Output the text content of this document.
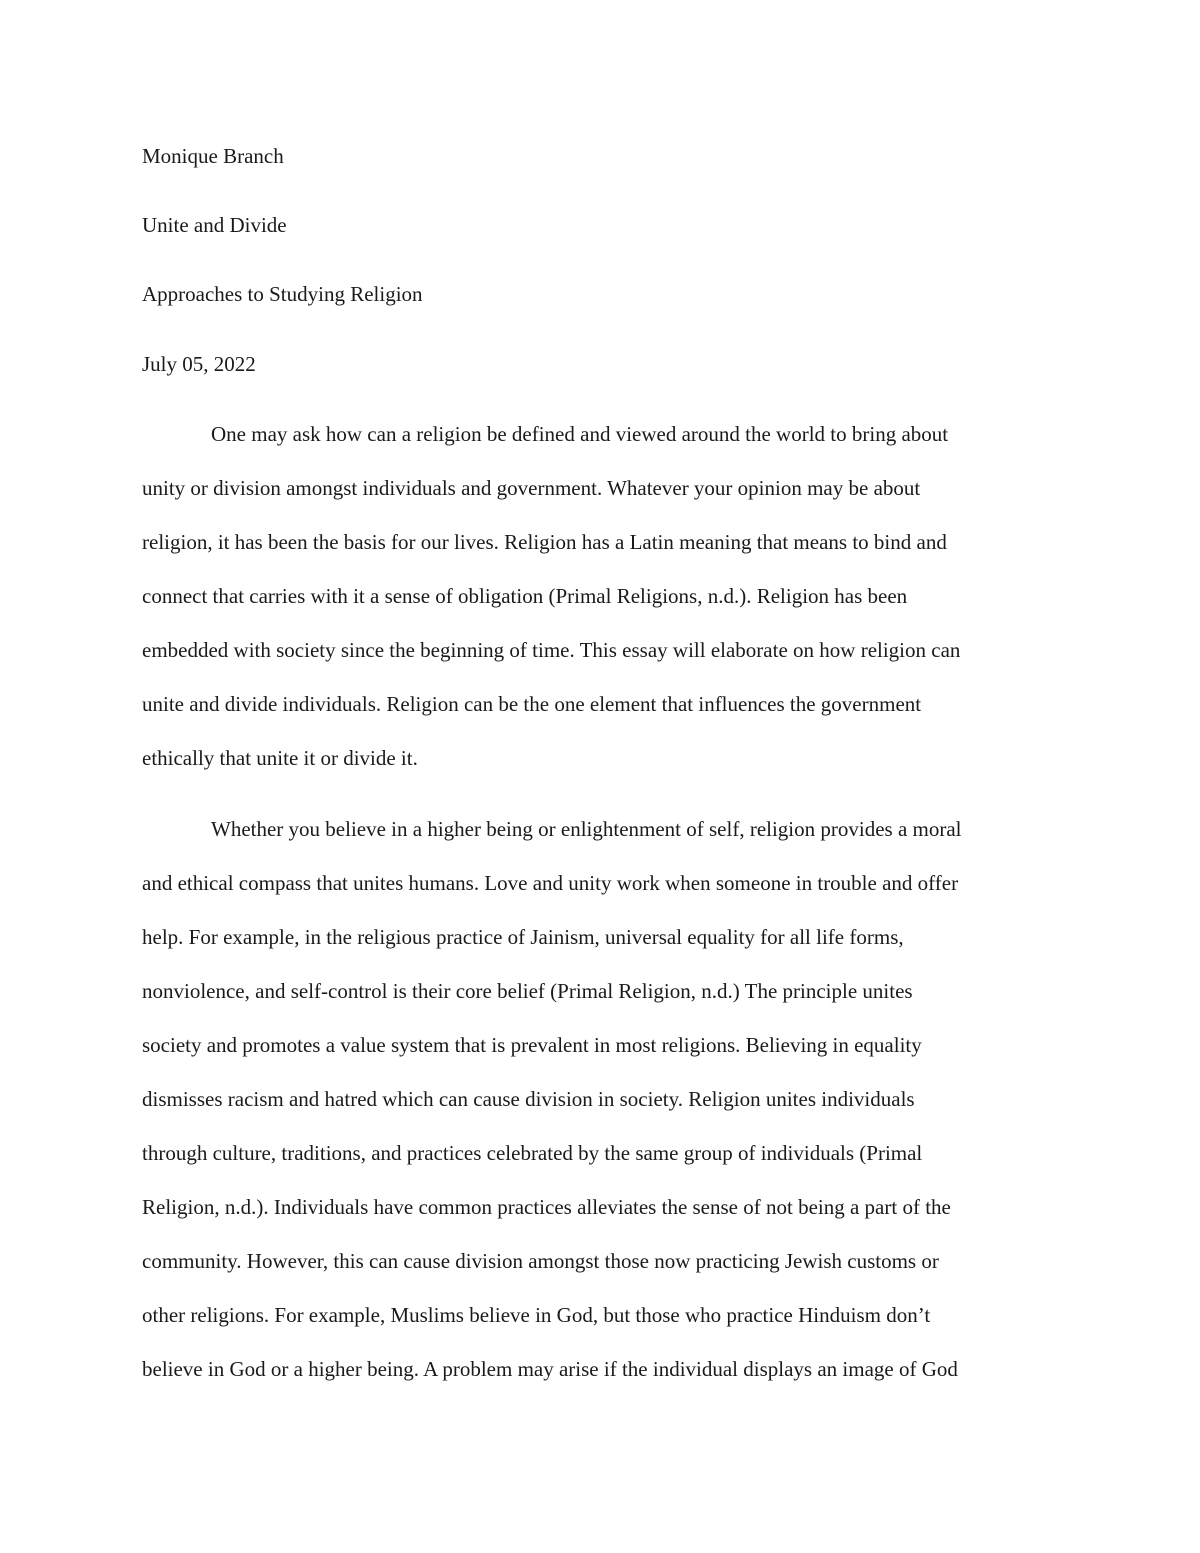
Monique Branch

Unite and Divide

Approaches to Studying Religion

July 05, 2022

One may ask how can a religion be defined and viewed around the world to bring about

unity or division amongst individuals and government. Whatever your opinion may be about

religion, it has been the basis for our lives. Religion has a Latin meaning that means to bind and

connect that carries with it a sense of obligation (Primal Religions, n.d.). Religion has been

embedded with society since the beginning of time. This essay will elaborate on how religion can

unite and divide individuals. Religion can be the one element that influences the government

ethically that unite it or divide it.

Whether you believe in a higher being or enlightenment of self, religion provides a moral

and ethical compass that unites humans. Love and unity work when someone in trouble and offer

help. For example, in the religious practice of Jainism, universal equality for all life forms,

nonviolence, and self-control is their core belief (Primal Religion, n.d.) The principle unites

society and promotes a value system that is prevalent in most religions. Believing in equality

dismisses racism and hatred which can cause division in society. Religion unites individuals

through culture, traditions, and practices celebrated by the same group of individuals (Primal

Religion, n.d.). Individuals have common practices alleviates the sense of not being a part of the

community. However, this can cause division amongst those now practicing Jewish customs or

other religions. For example, Muslims believe in God, but those who practice Hinduism don’t

believe in God or a higher being. A problem may arise if the individual displays an image of God
